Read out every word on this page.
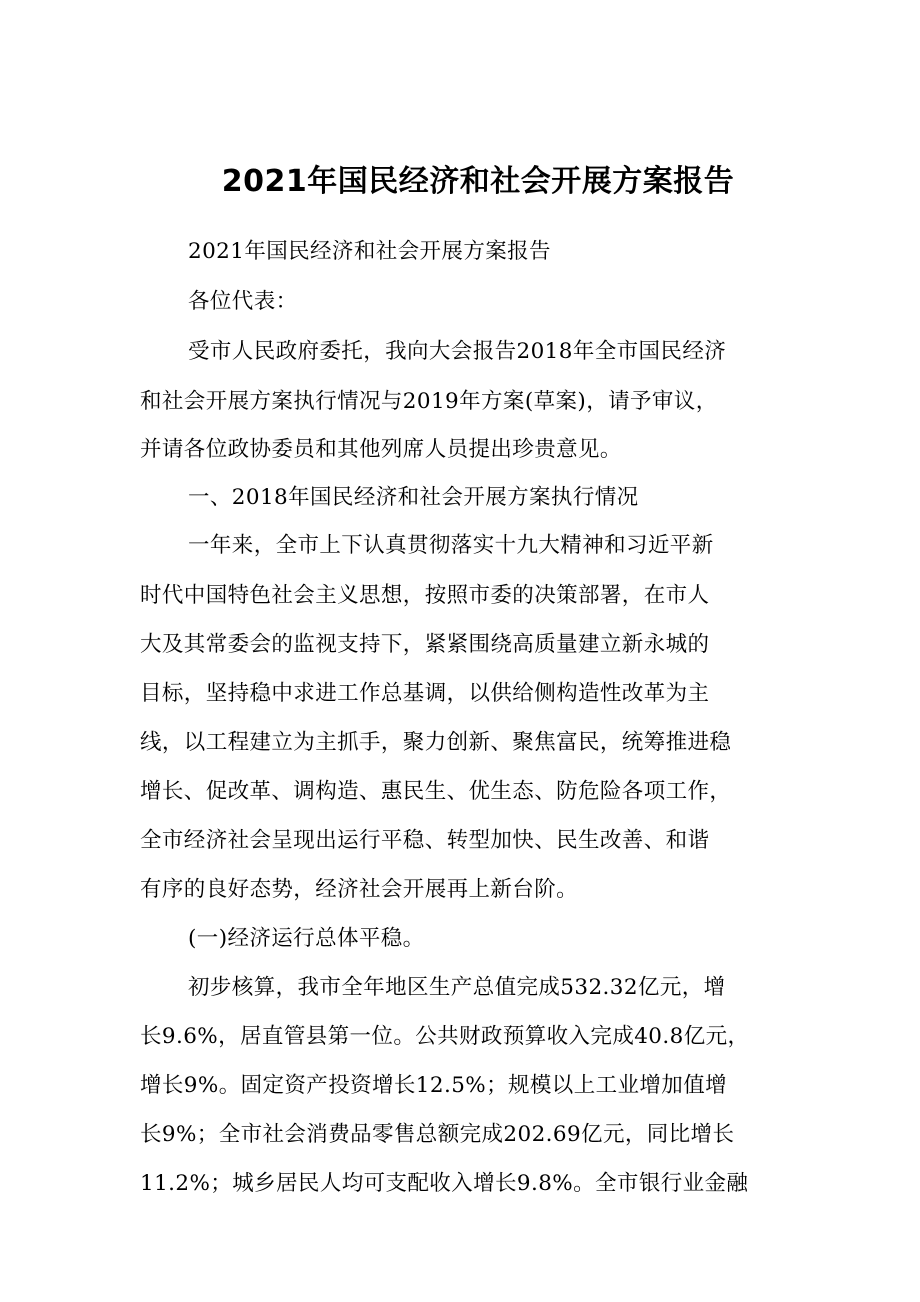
2021年国民经济和社会开展方案报告
2021年国民经济和社会开展方案报告
各位代表：
受市人民政府委托，我向大会报告2018年全市国民经济
和社会开展方案执行情况与2019年方案(草案)，请予审议，
并请各位政协委员和其他列席人员提出珍贵意见。
一、2018年国民经济和社会开展方案执行情况
一年来，全市上下认真贯彻落实十九大精神和习近平新
时代中国特色社会主义思想，按照市委的决策部署，在市人
大及其常委会的监视支持下，紧紧围绕高质量建立新永城的
目标，坚持稳中求进工作总基调，以供给侧构造性改革为主
线，以工程建立为主抓手，聚力创新、聚焦富民，统筹推进稳
增长、促改革、调构造、惠民生、优生态、防危险各项工作，
全市经济社会呈现出运行平稳、转型加快、民生改善、和谐
有序的良好态势，经济社会开展再上新台阶。
(一)经济运行总体平稳。
初步核算，我市全年地区生产总值完成532.32亿元，增
长9.6%，居直管县第一位。公共财政预算收入完成40.8亿元，
增长9%。固定资产投资增长12.5%；规模以上工业增加值增
长9%；全市社会消费品零售总额完成202.69亿元，同比增长
11.2%；城乡居民人均可支配收入增长9.8%。全市银行业金融
